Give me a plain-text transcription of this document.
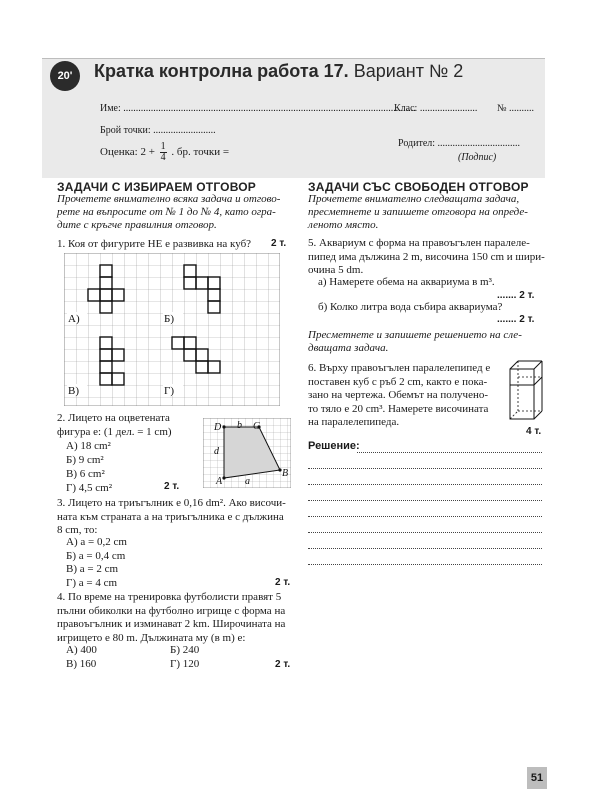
20'	Кратка контролна работа 17. Вариант № 2
Име: .....................................................................................................................
Клас: ....................... № ..........
Брой точки: .........................
Оценка: $2 + \frac{1}{4}$ . бр. точки =
Родител: .................................
(Подпис)
ЗАДАЧИ С ИЗБИРАЕМ ОТГОВОР
Прочетете внимателно всяка задача и отгово-
рете на въпросите от № 1 до № 4, като огра-
дите с кръгче правилния отговор.
1. Коя от фигурите НЕ е развивка на куб? 2 т.
А)	Б)
В)	Г)
2. Лицето на оцветената
фигура е: (1 дел. = 1 cm)
А) 18 cm²
Б) 9 cm²
В) 6 cm²
Г) 4,5 cm²	2 т.
D b C
d
A a
B
3. Лицето на триъгълник е 0,16 dm². Ако височи-
ната към страната a на триъгълника е с дължина
8 cm, то:
А) a = 0,2 cm
Б) a = 0,4 cm
В) a = 2 cm
Г) a = 4 cm	2 т.
4. По време на тренировка футболисти правят 5
пълни обиколки на футболно игрище с форма на
правоъгълник и изминават 2 km. Широчината на
игрището е 80 m. Дължината му (в m) е:
А) 400	Б) 240
В) 160	Г) 120	2 т.
ЗАДАЧИ СЪС СВОБОДЕН ОТГОВОР
Прочетете внимателно следващата задача,
пресметнете и запишете отговора на опреде-
леното място.
5. Аквариум с форма на правоъгълен паралеле-
пипед има дължина 2 m, височина 150 cm и шири-
очина 5 dm.
а) Намерете обема на аквариума в m³.
....... 2 т.
б) Колко литра вода събира аквариума?
....... 2 т.
Пресметнете и запишете решението на сле-
дващата задача.
6. Върху правоъгълен паралелепипед е
поставен куб с ръб 2 cm, както е пока-
зано на чертежа. Обемът на полученo-
то тяло е 20 cm³. Намерете височината
на паралелепипеда.
4 т.
Решение:
51
